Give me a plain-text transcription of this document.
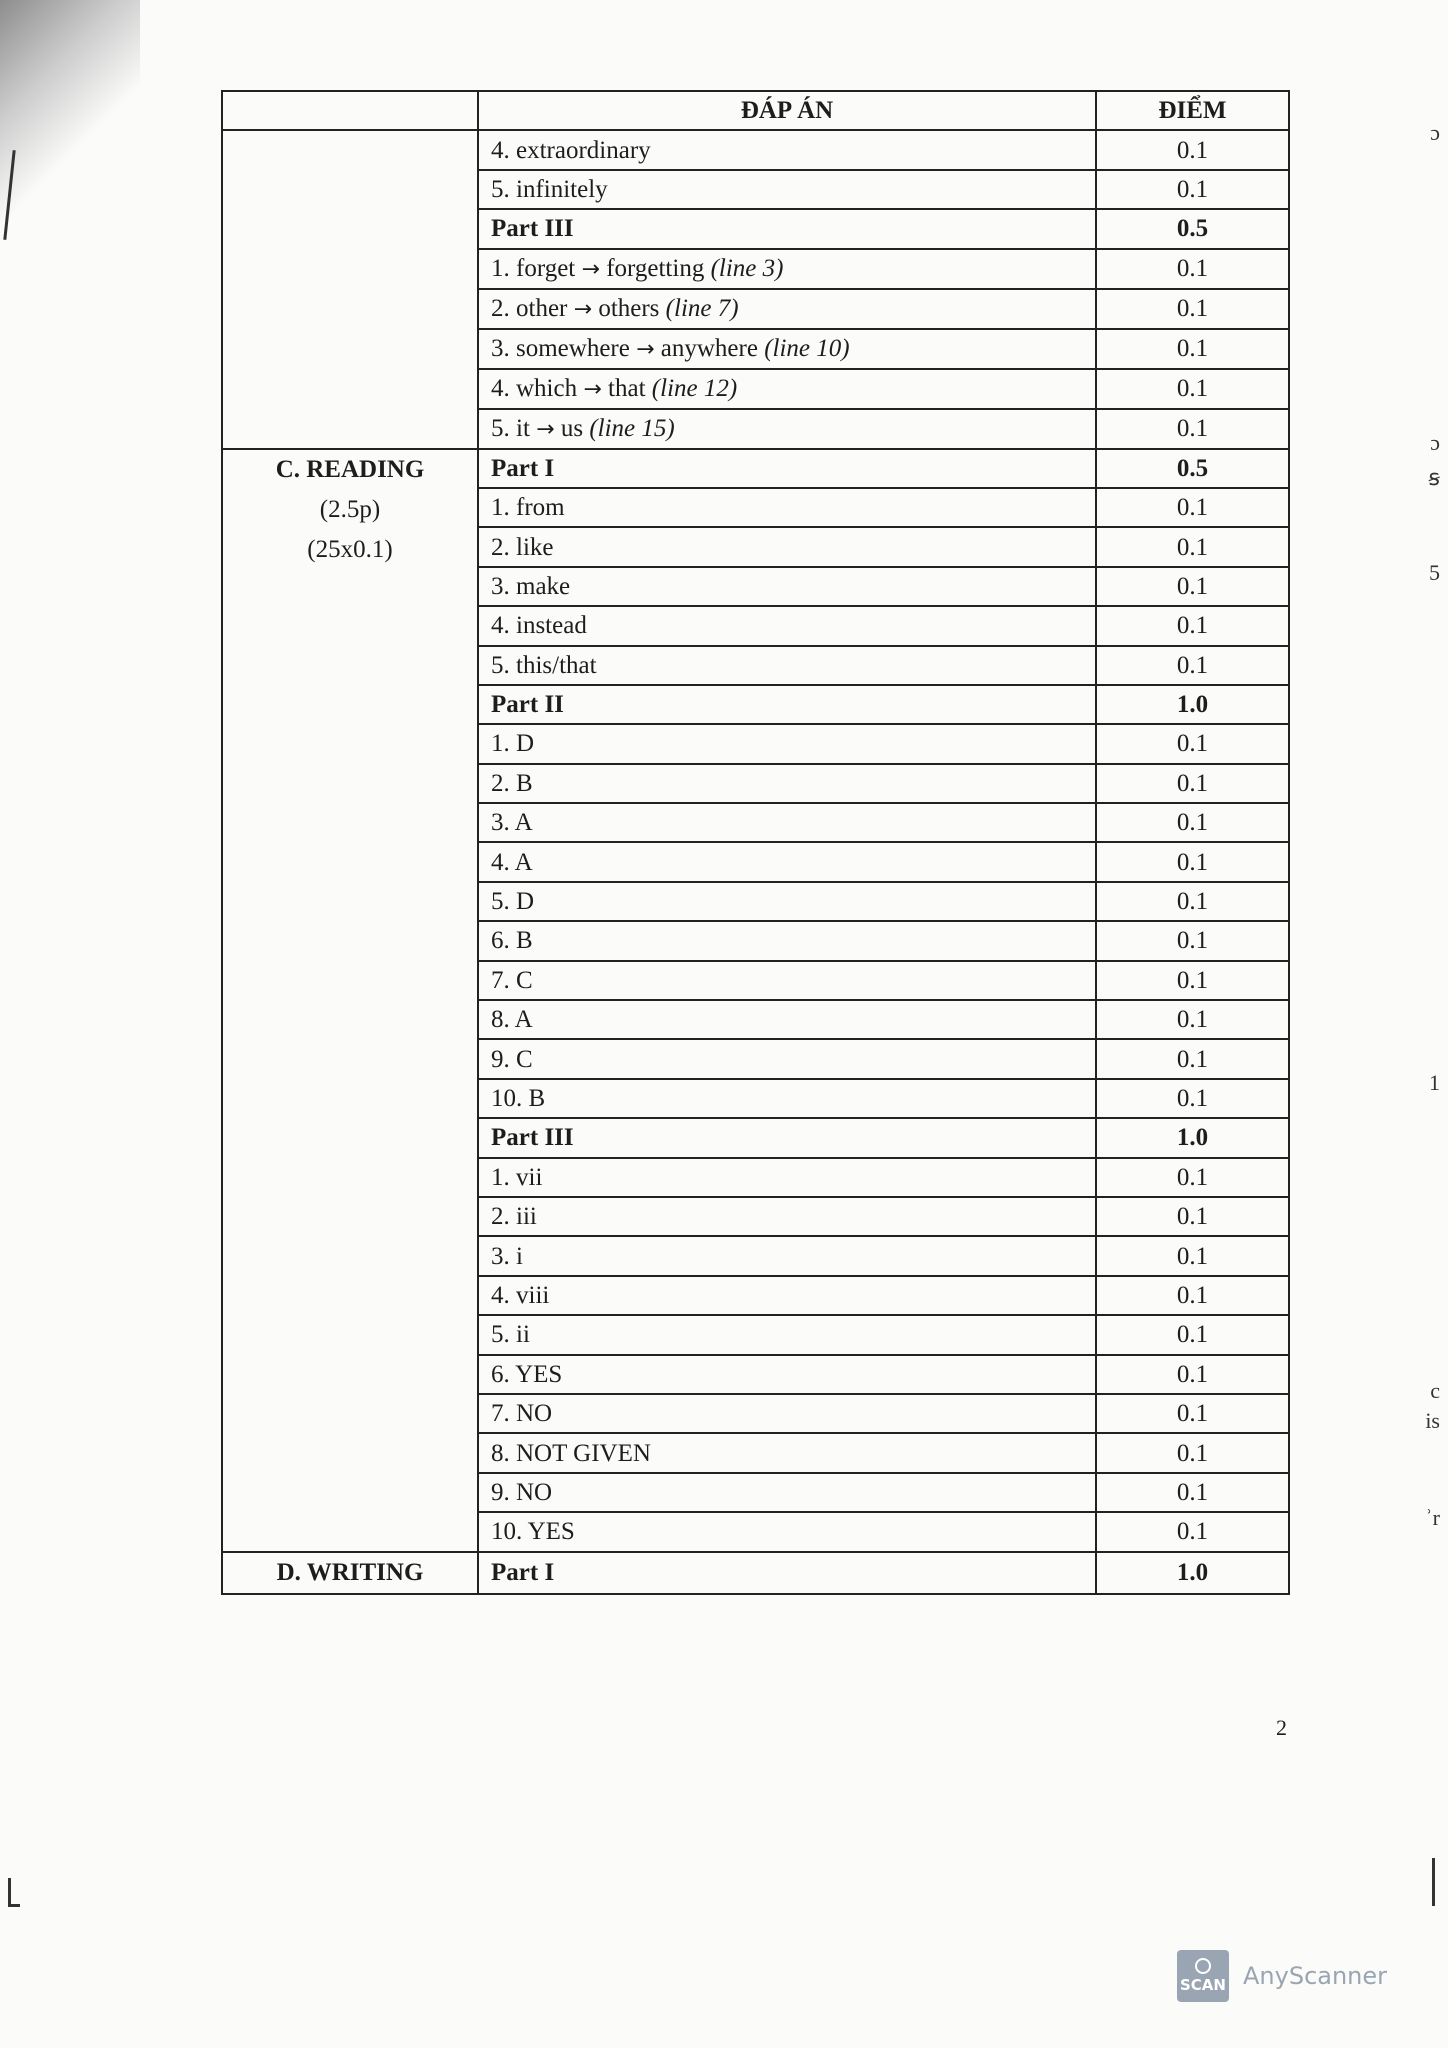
	ĐÁP ÁN	ĐIỂM

	4. extraordinary	0.1
	5. infinitely	0.1
	Part III	0.5
	1. forget → forgetting (line 3)	0.1
	2. other → others (line 7)	0.1
	3. somewhere → anywhere (line 10)	0.1
	4. which → that (line 12)	0.1
	5. it → us (line 15)	0.1

C. READING
(2.5p)
(25x0.1)	Part I	0.5
	1. from	0.1
	2. like	0.1
	3. make	0.1
	4. instead	0.1
	5. this/that	0.1
	Part II	1.0
	1. D	0.1
	2. B	0.1
	3. A	0.1
	4. A	0.1
	5. D	0.1
	6. B	0.1
	7. C	0.1
	8. A	0.1
	9. C	0.1
	10. B	0.1
	Part III	1.0
	1. vii	0.1
	2. iii	0.1
	3. i	0.1
	4. viii	0.1
	5. ii	0.1
	6. YES	0.1
	7. NO	0.1
	8. NOT GIVEN	0.1
	9. NO	0.1
	10. YES	0.1

D. WRITING	Part I	1.0
ɔ
ɔ
ꞩ
5
1
c
is
ʾr
2
SCAN AnyScanner
